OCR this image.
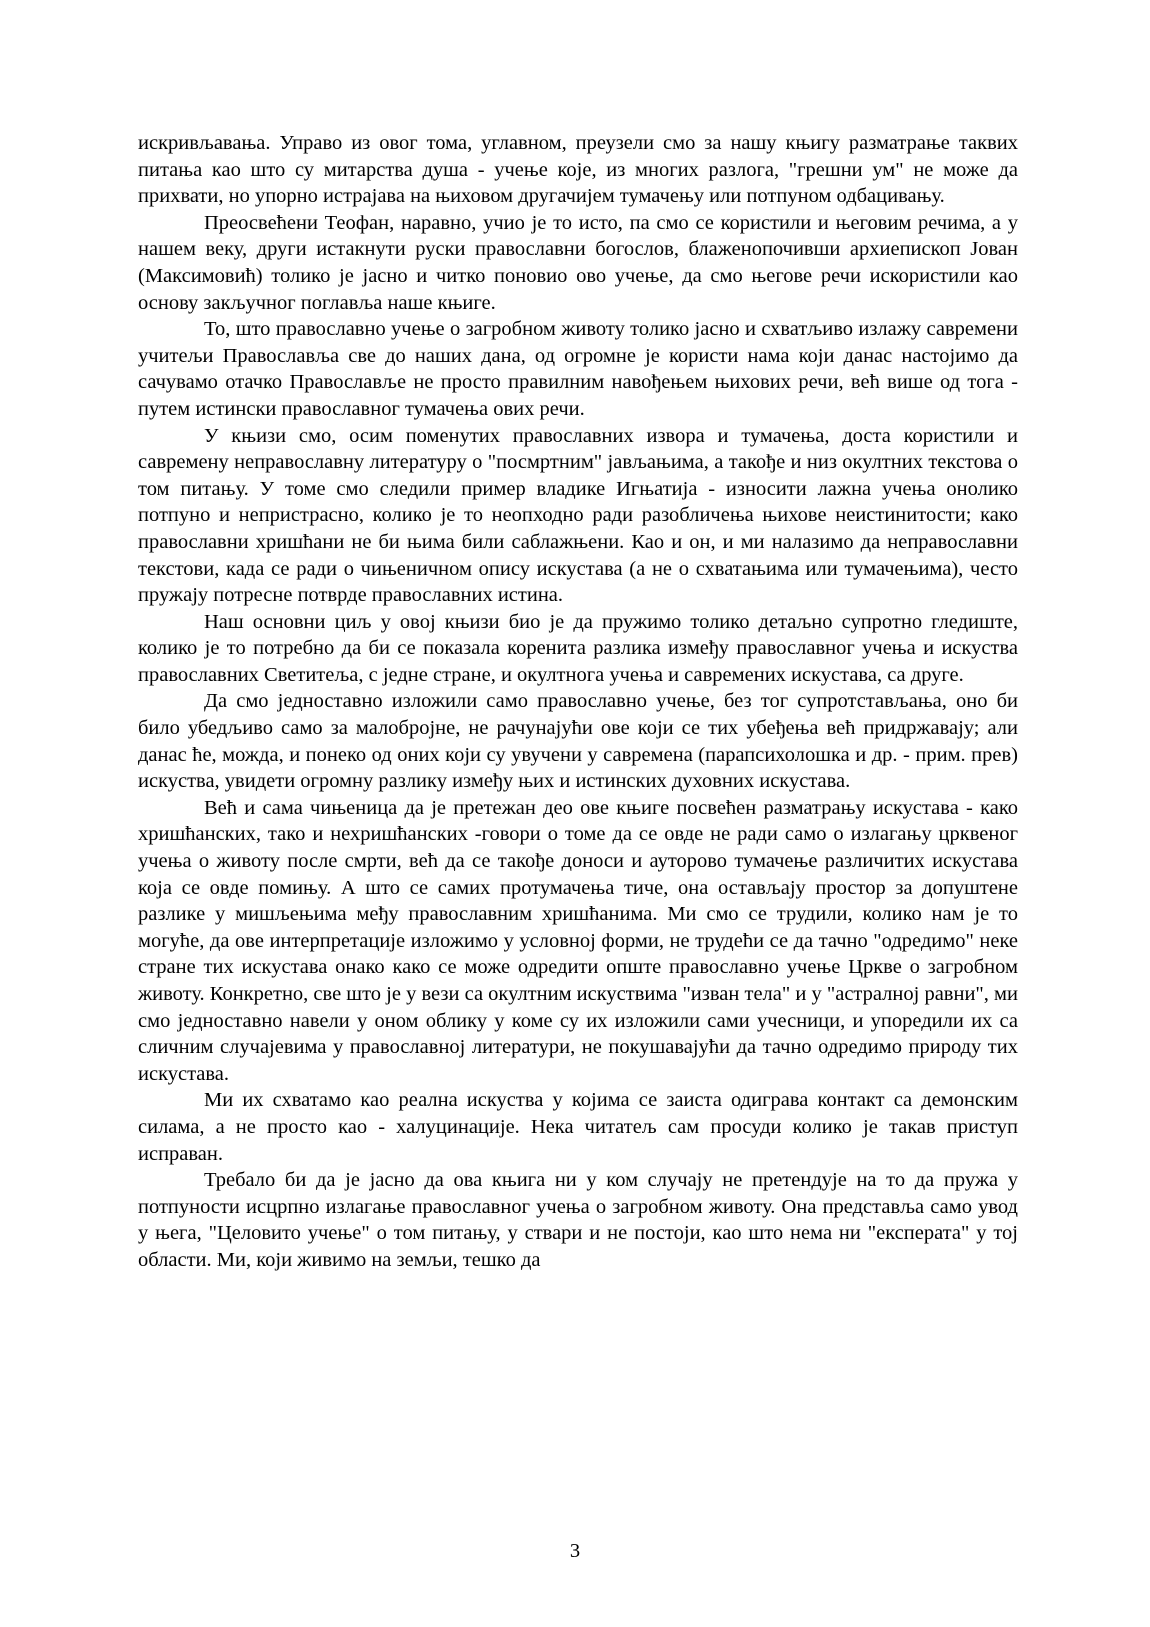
искривљавања. Управо из овог тома, углавном, преузели смо за нашу књигу разматрање таквих питања као што су митарства душа - учење које, из многих разлога, "грешни ум" не може да прихвати, но упорно истрајава на њиховом другачијем тумачењу или потпуном одбацивању.

Преосвећени Теофан, наравно, учио је то исто, па смо се користили и његовим речима, а у нашем веку, други истакнути руски православни богослов, блаженопочивши архиепископ Јован (Максимовић) толико је јасно и читко поновио ово учење, да смо његове речи искористили као основу закључног поглавља наше књиге.

То, што православно учење о загробном животу толико јасно и схватљиво излажу савремени учитељи Православља све до наших дана, од огромне је користи нама који данас настојимо да сачувамо отачко Православље не просто правилним навођењем њихових речи, већ више од тога - путем истински православног тумачења ових речи.

У књизи смо, осим поменутих православних извора и тумачења, доста користили и савремену неправославну литературу о "посмртним" јављањима, а такође и низ окултних текстова о том питању. У томе смо следили пример владике Игњатија - износити лажна учења онолико потпуно и непристрасно, колико је то неопходно ради разобличења њихове неистинитости; како православни хришћани не би њима били саблажњени. Као и он, и ми налазимо да неправославни текстови, када се ради о чињеничном опису искустава (а не о схватањима или тумачењима), често пружају потресне потврде православних истина.

Наш основни циљ у овој књизи био је да пружимо толико детаљно супротно гледиште, колико је то потребно да би се показала коренита разлика између православног учења и искуства православних Светитеља, с једне стране, и окултнога учења и савремених искустава, са друге.

Да смо једноставно изложили само православно учење, без тог супротстављања, оно би било убедљиво само за малобројне, не рачунајући ове који се тих убеђења већ придржавају; али данас ће, можда, и понеко од оних који су увучени у савремена (парапсихолошка и др. - прим. прев) искуства, увидети огромну разлику између њих и истинских духовних искустава.

Већ и сама чињеница да је претежан део ове књиге посвећен разматрању искустава - како хришћанских, тако и нехришћанских -говори о томе да се овде не ради само о излагању црквеног учења о животу после смрти, већ да се такође доноси и ауторово тумачење различитих искустава која се овде помињу. А што се самих протумачења тиче, она остављају простор за допуштене разлике у мишљењима међу православним хришћанима. Ми смо се трудили, колико нам је то могуће, да ове интерпретације изложимо у условној форми, не трудећи се да тачно "одредимо" неке стране тих искустава онако како се може одредити опште православно учење Цркве о загробном животу. Конкретно, све што је у вези са окултним искуствима "изван тела" и у "астралној равни", ми смо једноставно навели у оном облику у коме су их изложили сами учесници, и упоредили их са сличним случајевима у православној литератури, не покушавајући да тачно одредимо природу тих искустава.

Ми их схватамо као реална искуства у којима се заиста одиграва контакт са демонским силама, а не просто као - халуцинације. Нека читатељ сам просуди колико је такав приступ исправан.

Требало би да је јасно да ова књига ни у ком случају не претендује на то да пружа у потпуности исцрпно излагање православног учења о загробном животу. Она представља само увод у њега, "Целовито учење" о том питању, у ствари и не постоји, као што нема ни "експерата" у тој области. Ми, који живимо на земљи, тешко да

3
